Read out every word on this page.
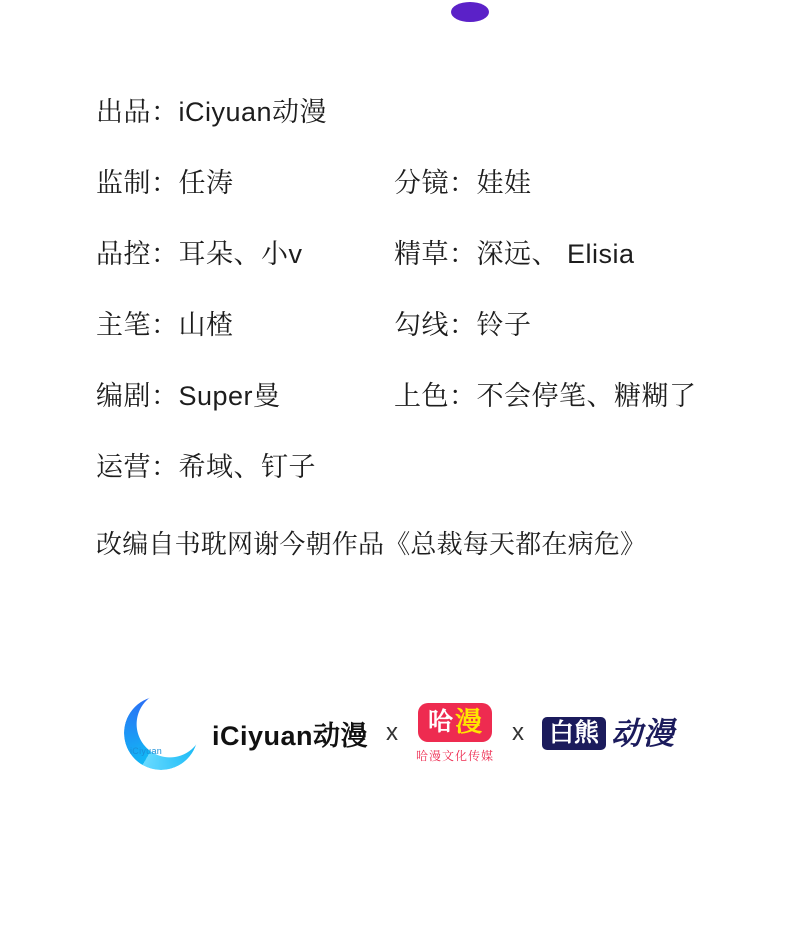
出品：iCiyuan动漫
监制：任涛	分镜：娃娃
品控：耳朵、小v	精草：深远、 Elisia
主笔：山楂	勾线：铃子
编剧：Super曼	上色：不会停笔、糖糊了
运营：希域、钉子
改编自书耽网谢今朝作品《总裁每天都在病危》
iCiyuan
iCiyuan动漫 x 哈 漫
哈漫文化传媒
x 白熊 动漫
